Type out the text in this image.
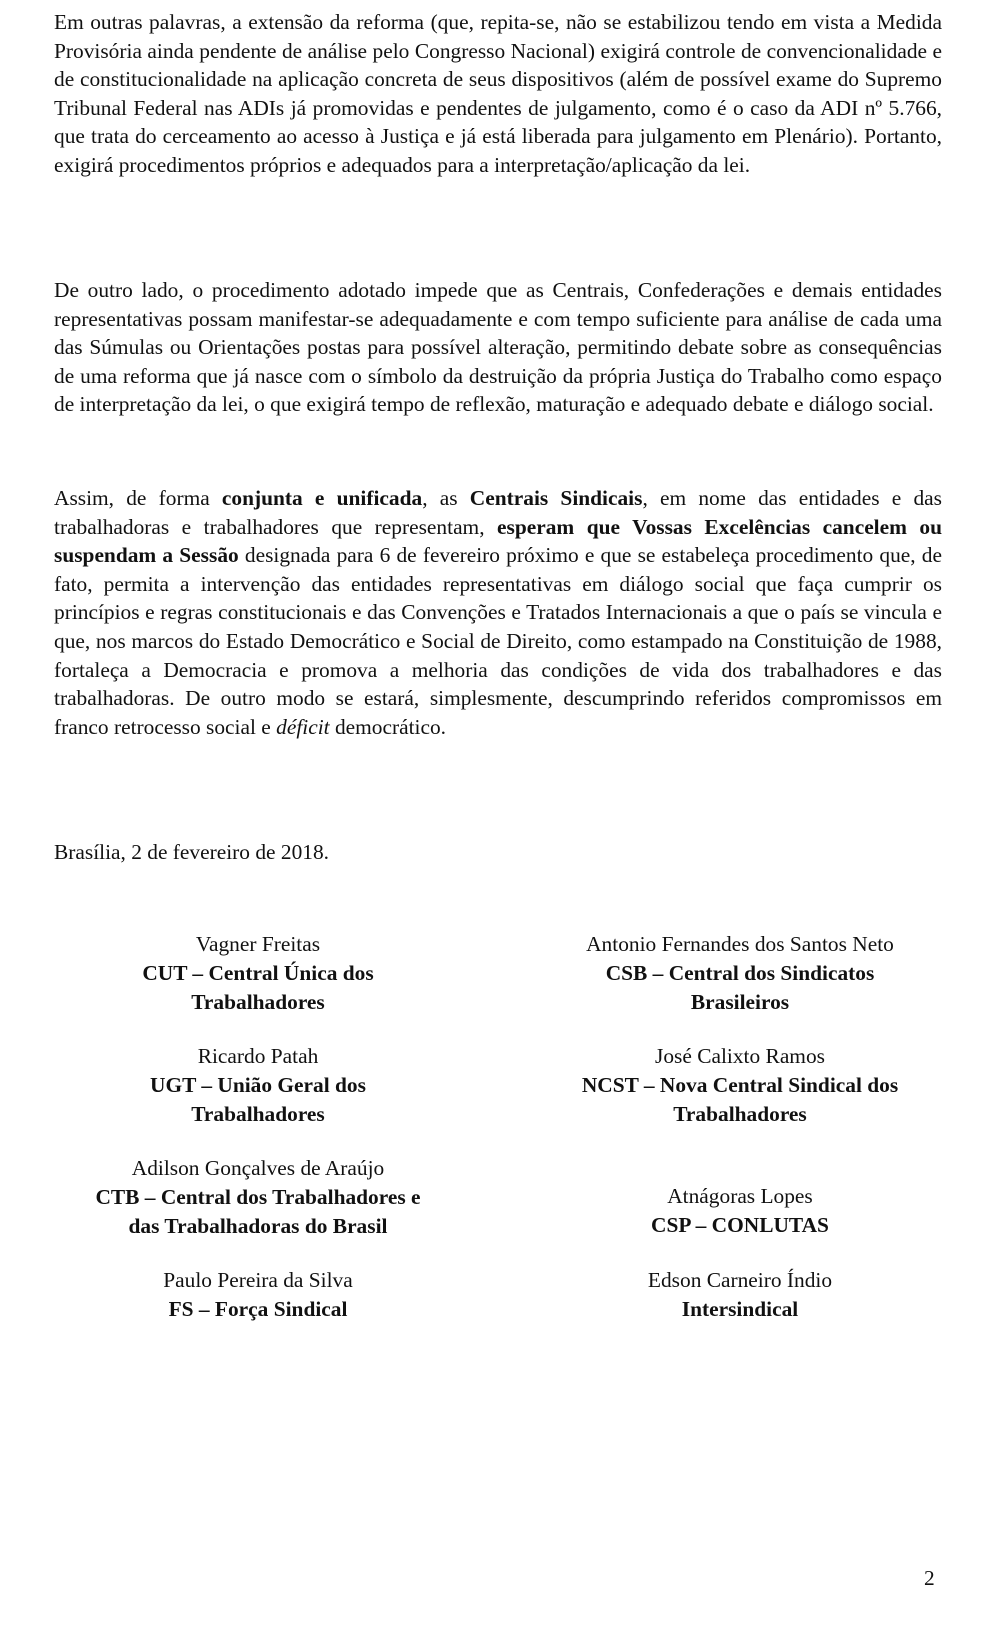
Em outras palavras, a extensão da reforma (que, repita-se, não se estabilizou tendo em vista a Medida Provisória ainda pendente de análise pelo Congresso Nacional) exigirá controle de convencionalidade e de constitucionalidade na aplicação concreta de seus dispositivos (além de possível exame do Supremo Tribunal Federal nas ADIs já promovidas e pendentes de julgamento, como é o caso da ADI nº 5.766, que trata do cerceamento ao acesso à Justiça e já está liberada para julgamento em Plenário). Portanto, exigirá procedimentos próprios e adequados para a interpretação/aplicação da lei.

De outro lado, o procedimento adotado impede que as Centrais, Confederações e demais entidades representativas possam manifestar-se adequadamente e com tempo suficiente para análise de cada uma das Súmulas ou Orientações postas para possível alteração, permitindo debate sobre as consequências de uma reforma que já nasce com o símbolo da destruição da própria Justiça do Trabalho como espaço de interpretação da lei, o que exigirá tempo de reflexão, maturação e adequado debate e diálogo social.

Assim, de forma conjunta e unificada, as Centrais Sindicais, em nome das entidades e das trabalhadoras e trabalhadores que representam, esperam que Vossas Excelências cancelem ou suspendam a Sessão designada para 6 de fevereiro próximo e que se estabeleça procedimento que, de fato, permita a intervenção das entidades representativas em diálogo social que faça cumprir os princípios e regras constitucionais e das Convenções e Tratados Internacionais a que o país se vincula e que, nos marcos do Estado Democrático e Social de Direito, como estampado na Constituição de 1988, fortaleça a Democracia e promova a melhoria das condições de vida dos trabalhadores e das trabalhadoras. De outro modo se estará, simplesmente, descumprindo referidos compromissos em franco retrocesso social e déficit democrático.

Brasília, 2 de fevereiro de 2018.

Vagner Freitas
CUT – Central Única dos
Trabalhadores
Ricardo Patah
UGT – União Geral dos
Trabalhadores
Adilson Gonçalves de Araújo
CTB – Central dos Trabalhadores e
das Trabalhadoras do Brasil
Paulo Pereira da Silva
FS – Força Sindical
Antonio Fernandes dos Santos Neto
CSB – Central dos Sindicatos
Brasileiros
José Calixto Ramos
NCST – Nova Central Sindical dos
Trabalhadores
Atnágoras Lopes
CSP – CONLUTAS
Edson Carneiro Índio
Intersindical
2
